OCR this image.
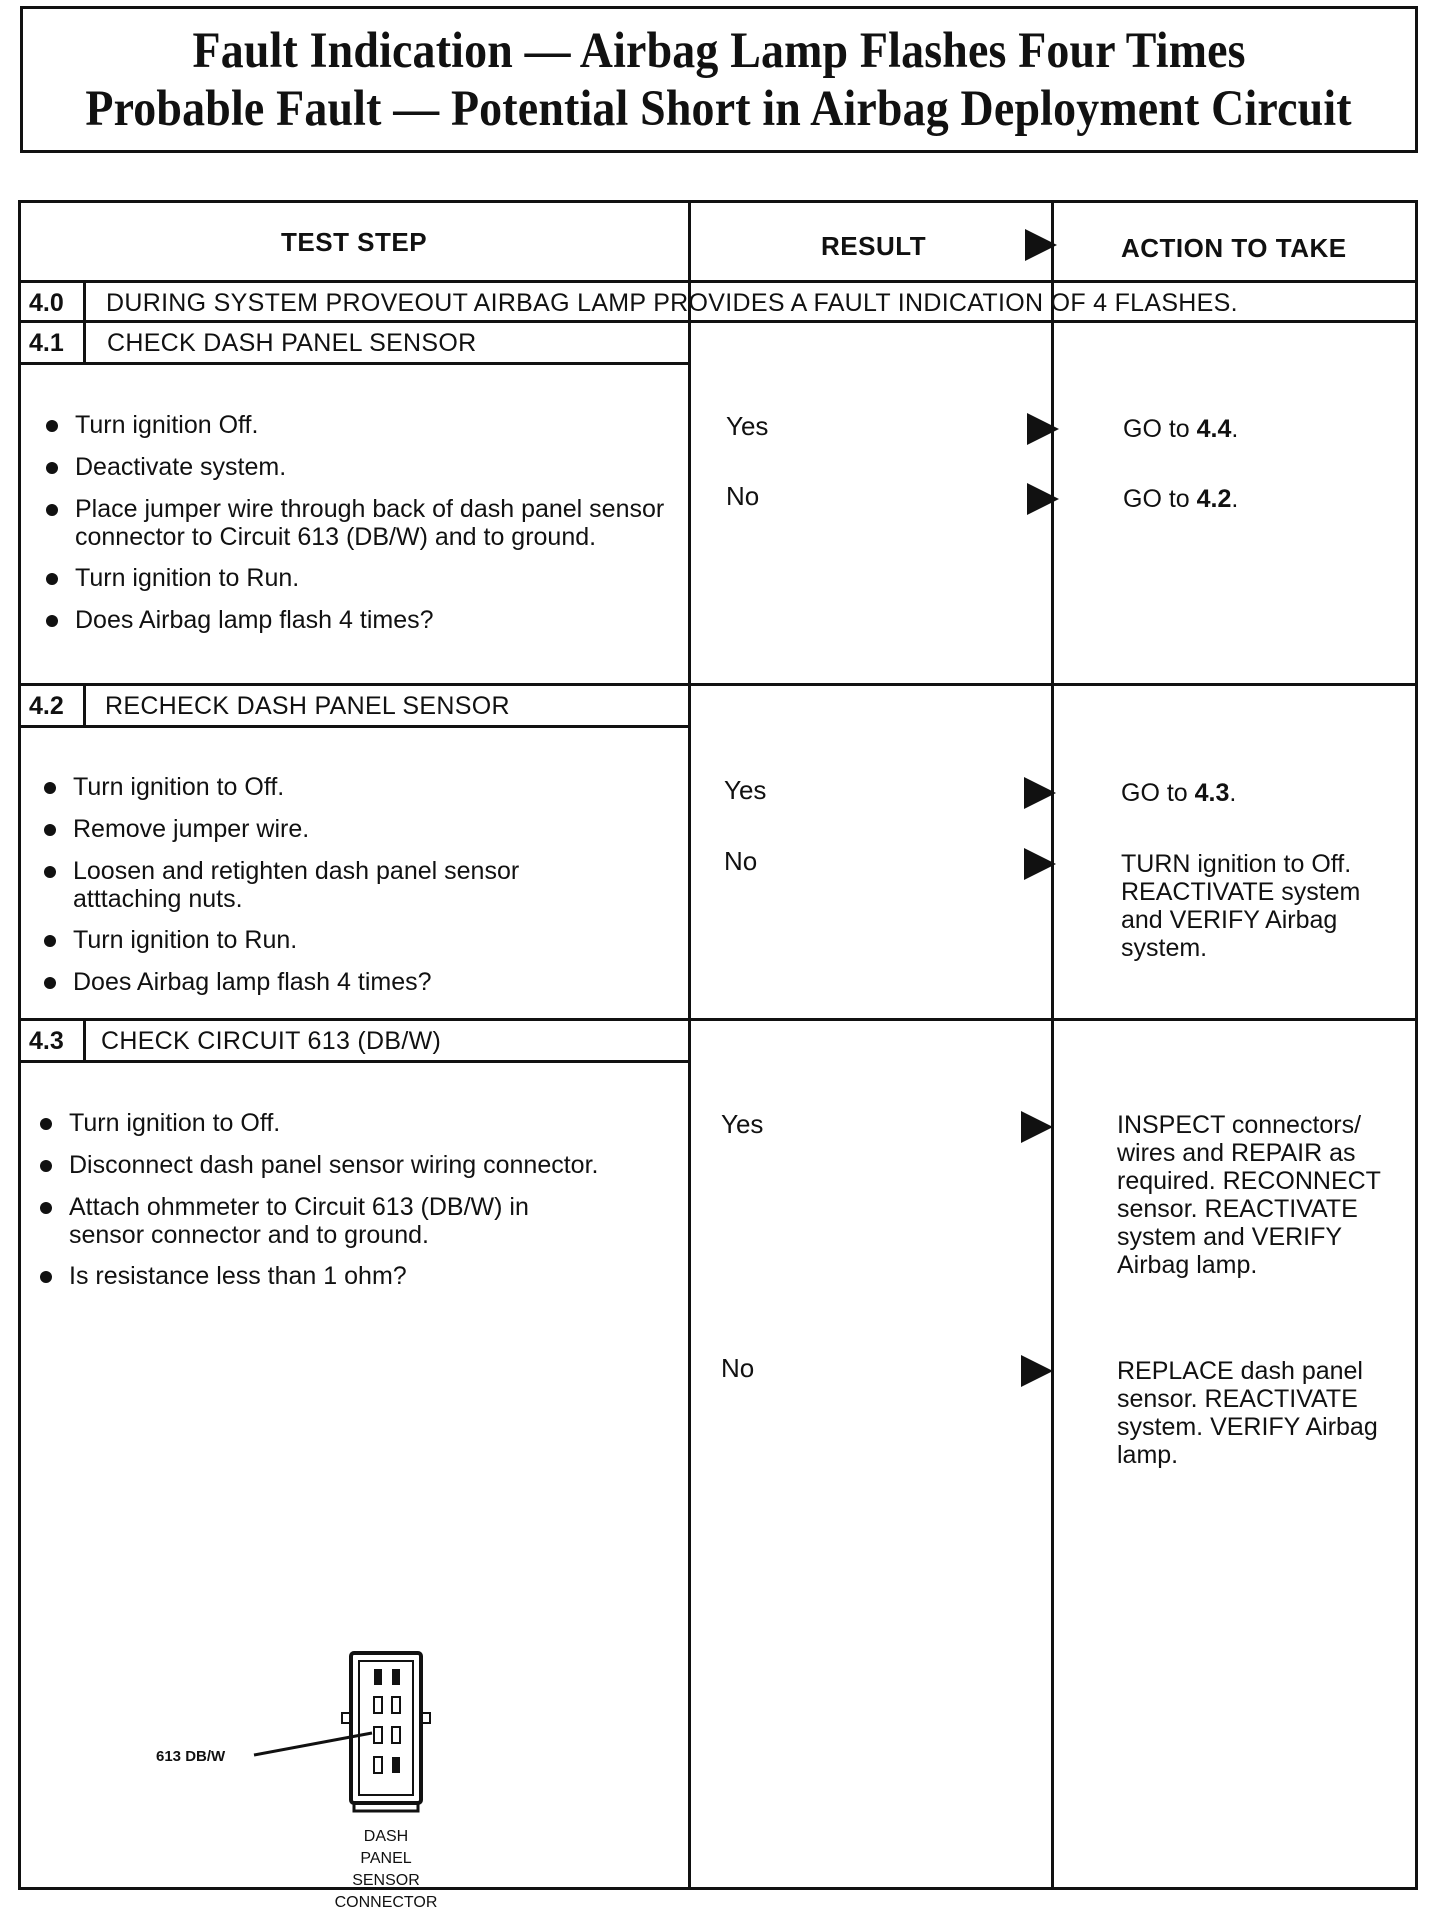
Fault Indication — Airbag Lamp Flashes Four Times
Probable Fault — Potential Short in Airbag Deployment Circuit
TEST STEP	RESULT	ACTION TO TAKE
4.0 DURING SYSTEM PROVEOUT AIRBAG LAMP PROVIDES A FAULT INDICATION OF 4 FLASHES.
4.1 CHECK DASH PANEL SENSOR
Turn ignition Off.
Deactivate system.
Place jumper wire through back of dash panel sensor connector to Circuit 613 (DB/W) and to ground.
Turn ignition to Run.
Does Airbag lamp flash 4 times?
Yes	GO to 4.4.
No	GO to 4.2.
4.2 RECHECK DASH PANEL SENSOR
Turn ignition to Off.
Remove jumper wire.
Loosen and retighten dash panel sensor atttaching nuts.
Turn ignition to Run.
Does Airbag lamp flash 4 times?
Yes	GO to 4.3.
No	TURN ignition to Off. REACTIVATE system and VERIFY Airbag system.
4.3 CHECK CIRCUIT 613 (DB/W)
Turn ignition to Off.
Disconnect dash panel sensor wiring connector.
Attach ohmmeter to Circuit 613 (DB/W) in sensor connector and to ground.
Is resistance less than 1 ohm?
Yes	INSPECT connectors/ wires and REPAIR as required. RECONNECT sensor. REACTIVATE system and VERIFY Airbag lamp.
No	REPLACE dash panel sensor. REACTIVATE system. VERIFY Airbag lamp.
613 DB/W
DASH
PANEL
SENSOR
CONNECTOR
